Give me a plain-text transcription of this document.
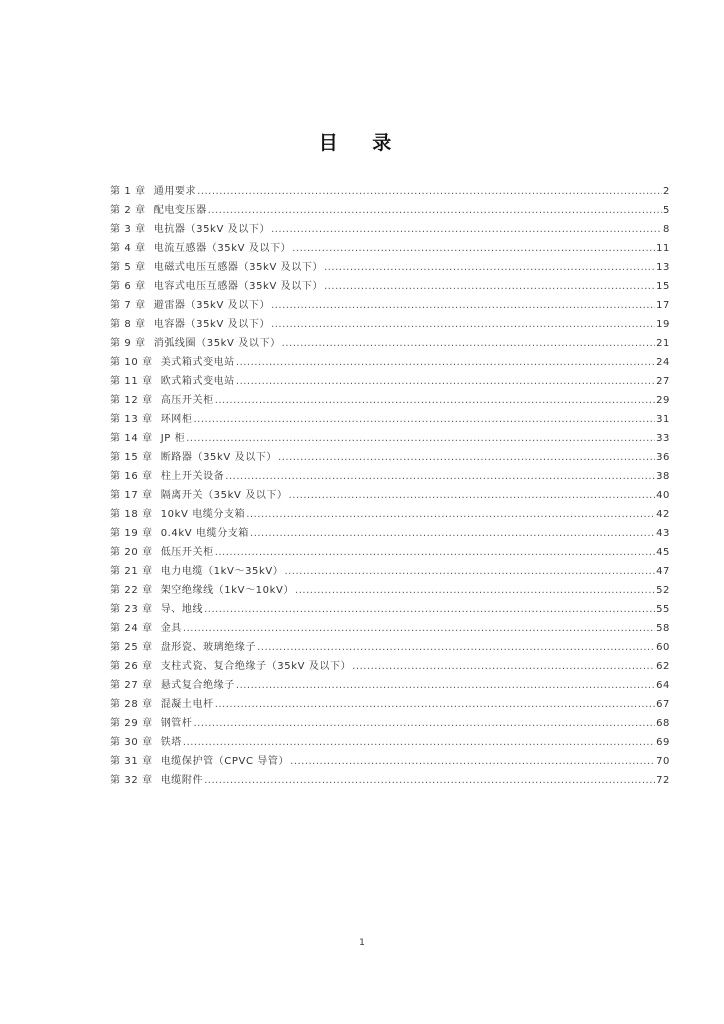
目 录
第 1 章 通用要求 .....	2
第 2 章 配电变压器 .....	5
第 3 章 电抗器（35kV 及以下） .....	8
第 4 章 电流互感器（35kV 及以下） .....	11
第 5 章 电磁式电压互感器（35kV 及以下） .....	13
第 6 章 电容式电压互感器（35kV 及以下） .....	15
第 7 章 避雷器（35kV 及以下） .....	17
第 8 章 电容器（35kV 及以下） .....	19
第 9 章 消弧线圈（35kV 及以下） .....	21
第 10 章 美式箱式变电站 .....	24
第 11 章 欧式箱式变电站 .....	27
第 12 章 高压开关柜 .....	29
第 13 章 环网柜 .....	31
第 14 章 JP 柜 .....	33
第 15 章 断路器（35kV 及以下） .....	36
第 16 章 柱上开关设备 .....	38
第 17 章 隔离开关（35kV 及以下） .....	40
第 18 章 10kV 电缆分支箱 .....	42
第 19 章 0.4kV 电缆分支箱 .....	43
第 20 章 低压开关柜 .....	45
第 21 章 电力电缆（1kV～35kV） .....	47
第 22 章 架空绝缘线（1kV～10kV） .....	52
第 23 章 导、地线 .....	55
第 24 章 金具 .....	58
第 25 章 盘形瓷、玻璃绝缘子 .....	60
第 26 章 支柱式瓷、复合绝缘子（35kV 及以下） .....	62
第 27 章 悬式复合绝缘子 .....	64
第 28 章 混凝土电杆 .....	67
第 29 章 钢管杆 .....	68
第 30 章 铁塔 .....	69
第 31 章 电缆保护管（CPVC 导管） .....	70
第 32 章 电缆附件 .....	72
1
